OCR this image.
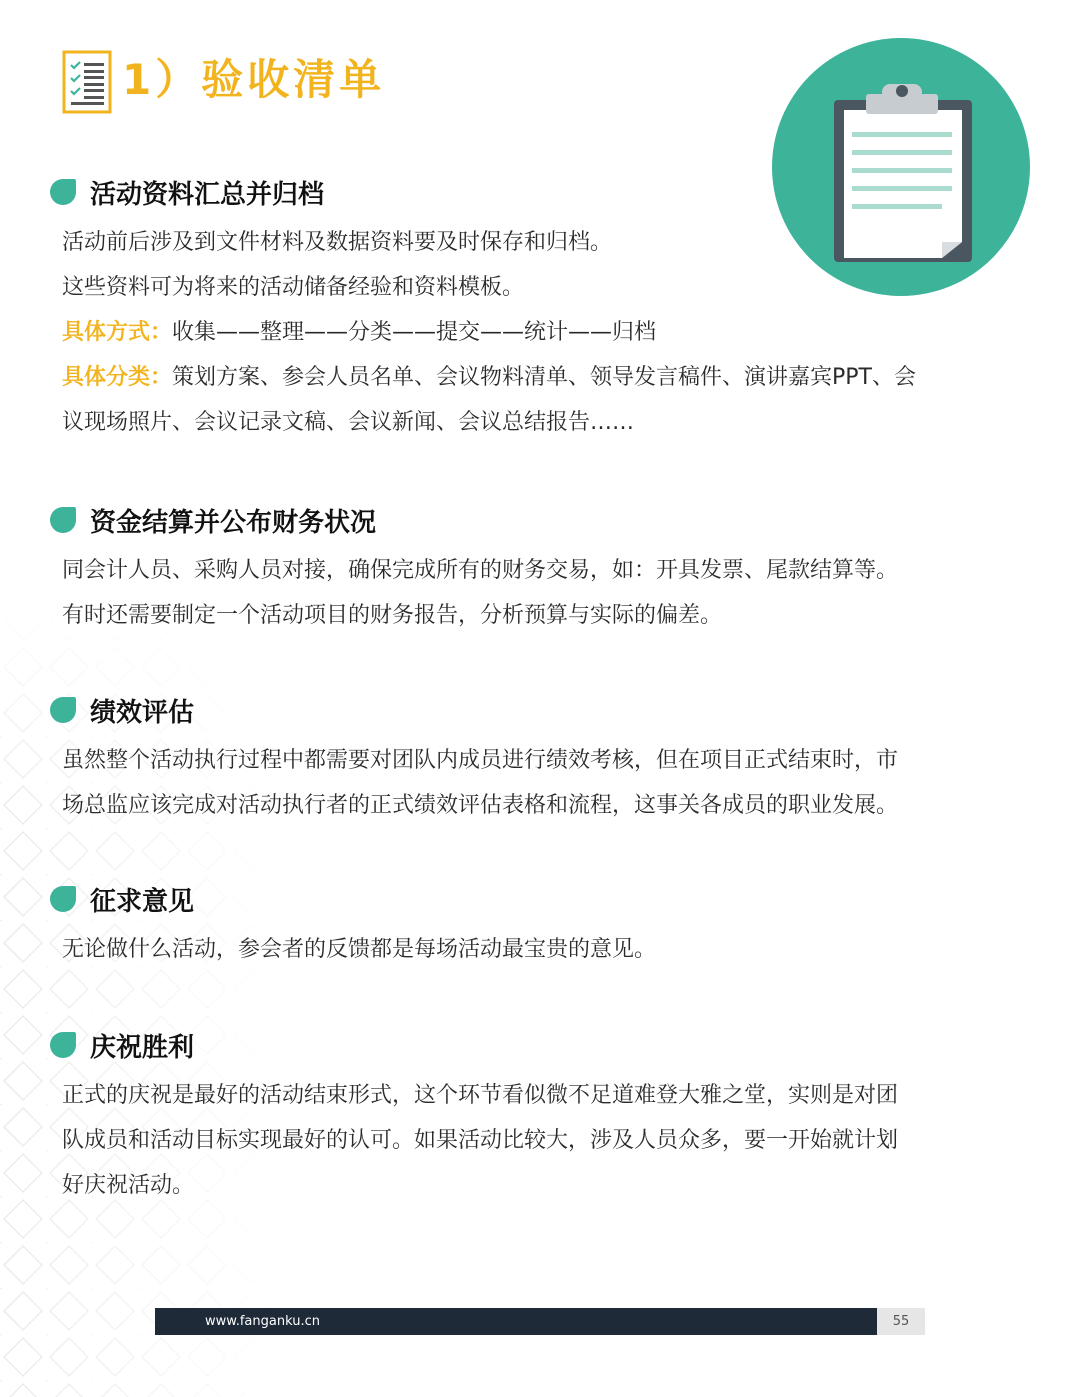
1）验收清单
活动资料汇总并归档

活动前后涉及到文件材料及数据资料要及时保存和归档。

这些资料可为将来的活动储备经验和资料模板。

具体方式：收集——整理——分类——提交——统计——归档

具体分类：策划方案、参会人员名单、会议物料清单、领导发言稿件、演讲嘉宾PPT、会

议现场照片、会议记录文稿、会议新闻、会议总结报告……

资金结算并公布财务状况

同会计人员、采购人员对接，确保完成所有的财务交易，如：开具发票、尾款结算等。

有时还需要制定一个活动项目的财务报告，分析预算与实际的偏差。

绩效评估

虽然整个活动执行过程中都需要对团队内成员进行绩效考核，但在项目正式结束时，市

场总监应该完成对活动执行者的正式绩效评估表格和流程，这事关各成员的职业发展。

征求意见

无论做什么活动，参会者的反馈都是每场活动最宝贵的意见。

庆祝胜利

正式的庆祝是最好的活动结束形式，这个环节看似微不足道难登大雅之堂，实则是对团

队成员和活动目标实现最好的认可。如果活动比较大，涉及人员众多，要一开始就计划

好庆祝活动。

www.fanganku.cn	55
